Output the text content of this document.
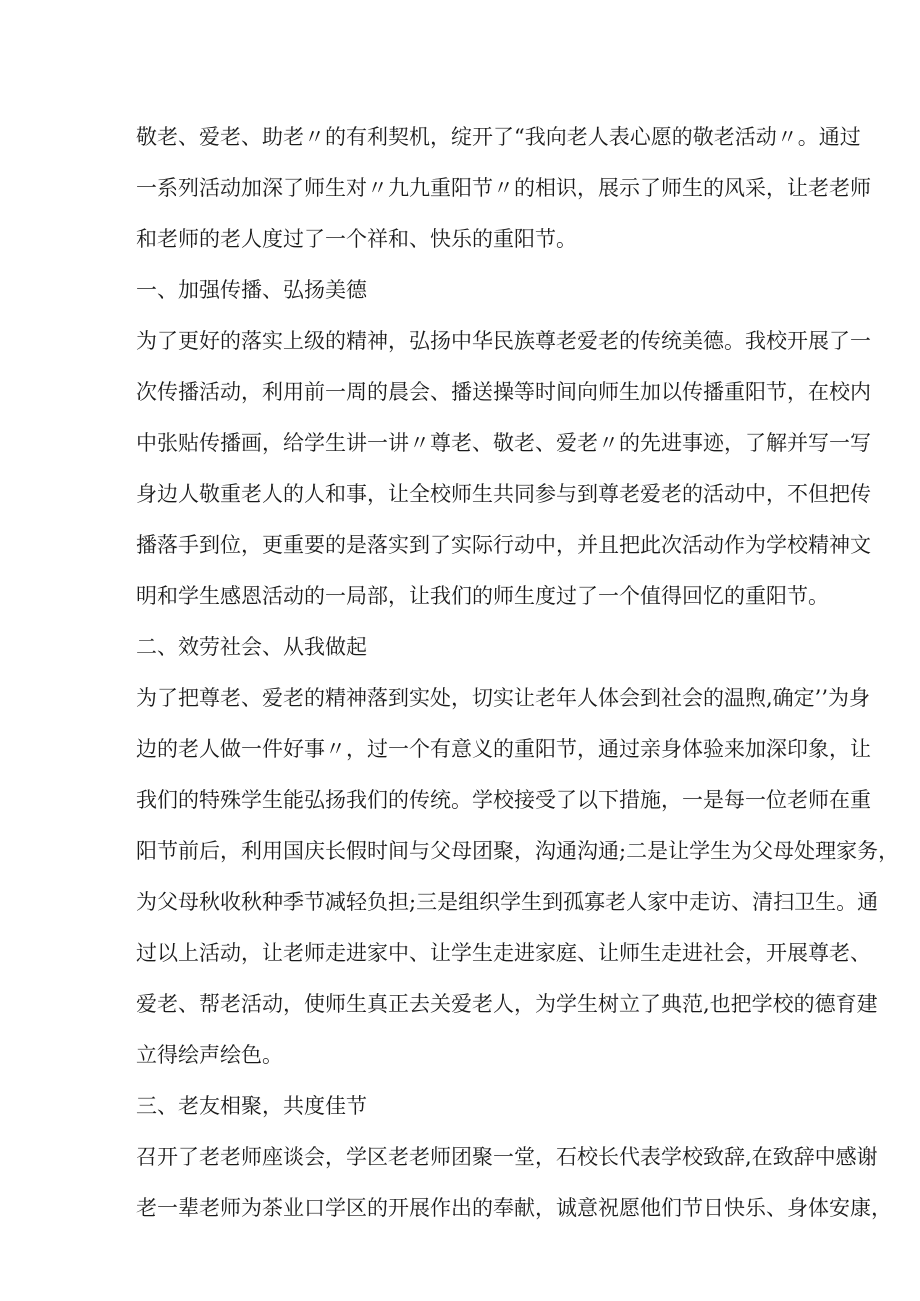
敬老、爱老、助老〃的有利契机，绽开了“我向老人表心愿的敬老活动〃。通过

一系列活动加深了师生对〃九九重阳节〃的相识，展示了师生的风采，让老老师

和老师的老人度过了一个祥和、快乐的重阳节。

一、加强传播、弘扬美德

为了更好的落实上级的精神，弘扬中华民族尊老爱老的传统美德。我校开展了一

次传播活动，利用前一周的晨会、播送操等时间向师生加以传播重阳节，在校内

中张贴传播画，给学生讲一讲〃尊老、敬老、爱老〃的先进事迹，了解并写一写

身边人敬重老人的人和事，让全校师生共同参与到尊老爱老的活动中，不但把传

播落手到位，更重要的是落实到了实际行动中，并且把此次活动作为学校精神文

明和学生感恩活动的一局部，让我们的师生度过了一个值得回忆的重阳节。

二、效劳社会、从我做起

为了把尊老、爱老的精神落到实处，切实让老年人体会到社会的温煦,确定’’为身

边的老人做一件好事〃，过一个有意义的重阳节，通过亲身体验来加深印象，让

我们的特殊学生能弘扬我们的传统。学校接受了以下措施，一是每一位老师在重

阳节前后，利用国庆长假时间与父母团聚，沟通沟通;二是让学生为父母处理家务，

为父母秋收秋种季节减轻负担;三是组织学生到孤寡老人家中走访、清扫卫生。通

过以上活动，让老师走进家中、让学生走进家庭、让师生走进社会，开展尊老、

爱老、帮老活动，使师生真正去关爱老人，为学生树立了典范,也把学校的德育建

立得绘声绘色。

三、老友相聚，共度佳节

召开了老老师座谈会，学区老老师团聚一堂，石校长代表学校致辞,在致辞中感谢

老一辈老师为茶业口学区的开展作出的奉献，诚意祝愿他们节日快乐、身体安康，
